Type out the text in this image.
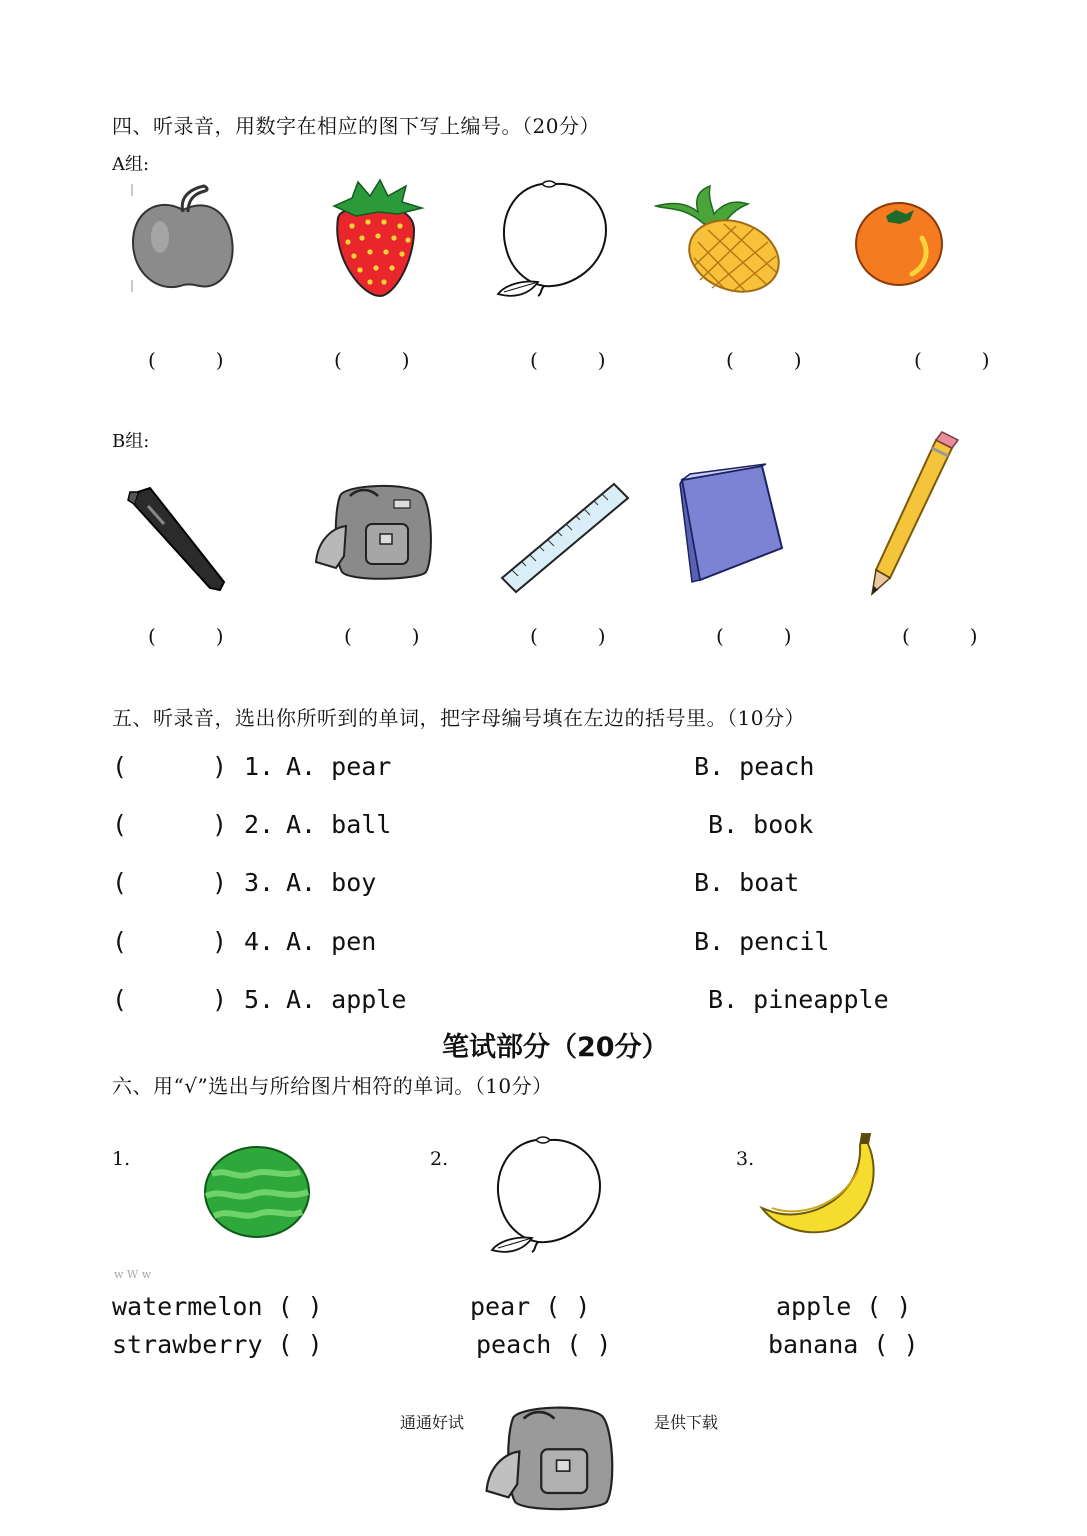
四、听录音，用数字在相应的图下写上编号。（20分）
A组:
(　　　)	(　　　)	(　　　)	(　　　)	(　　　)
B组:
(　　　)	(　　　)	(　　　)	(　　　)	(　　　)
五、听录音，选出你所听到的单词，把字母编号填在左边的括号里。（10分）
(	) 1. A. pear	B. peach
(	) 2. A. ball	B. book
(	) 3. A. boy	B. boat
(	) 4. A. pen	B. pencil
(	) 5. A. apple	B. pineapple
笔试部分（20分）
六、用“√”选出与所给图片相符的单词。（10分）
1.
w W w
2.	3.
watermelon ( )	pear ( )	apple ( )
strawberry ( )	peach ( )	banana ( )
通通好试	是供下载
